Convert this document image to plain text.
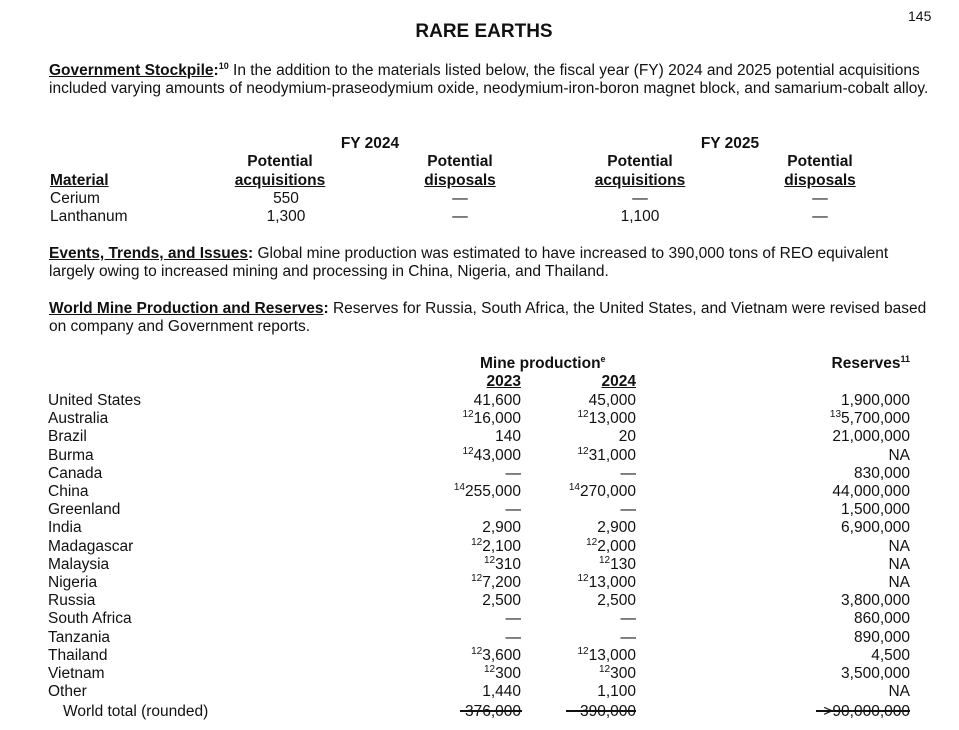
145
RARE EARTHS
Government Stockpile:$^{10}$ In the addition to the materials listed below, the fiscal year (FY) 2024 and 2025 potential acquisitions included varying amounts of neodymium-praseodymium oxide, neodymium-iron-boron magnet block, and samarium-cobalt alloy.
FY 2024	FY 2025
Potential	Potential	Potential	Potential
Material	acquisitions	disposals	acquisitions	disposals
Cerium	550	—	—	—
Lanthanum	1,300	—	1,100	—
Events, Trends, and Issues: Global mine production was estimated to have increased to 390,000 tons of REO equivalent largely owing to increased mining and processing in China, Nigeria, and Thailand.
World Mine Production and Reserves: Reserves for Russia, South Africa, the United States, and Vietnam were revised based on company and Government reports.
Mine production$^e$
2023	2024
Reserves$^{11}$
United States	41,600	45,000	1,900,000
Australia	$^{12}$16,000	$^{12}$13,000	$^{13}$5,700,000
Brazil	140	20	21,000,000
Burma	$^{12}$43,000	$^{12}$31,000	NA
Canada	—	—	830,000
China	$^{14}$255,000	$^{14}$270,000	44,000,000
Greenland	—	—	1,500,000
India	2,900	2,900	6,900,000
Madagascar	$^{12}$2,100	$^{12}$2,000	NA
Malaysia	$^{12}$310	$^{12}$130	NA
Nigeria	$^{12}$7,200	$^{12}$13,000	NA
Russia	2,500	2,500	3,800,000
South Africa	—	—	860,000
Tanzania	—	—	890,000
Thailand	$^{12}$3,600	$^{12}$13,000	4,500
Vietnam	$^{12}$300	$^{12}$300	3,500,000
Other	1,440	1,100	NA
World total (rounded)	376,000	390,000	>90,000,000
